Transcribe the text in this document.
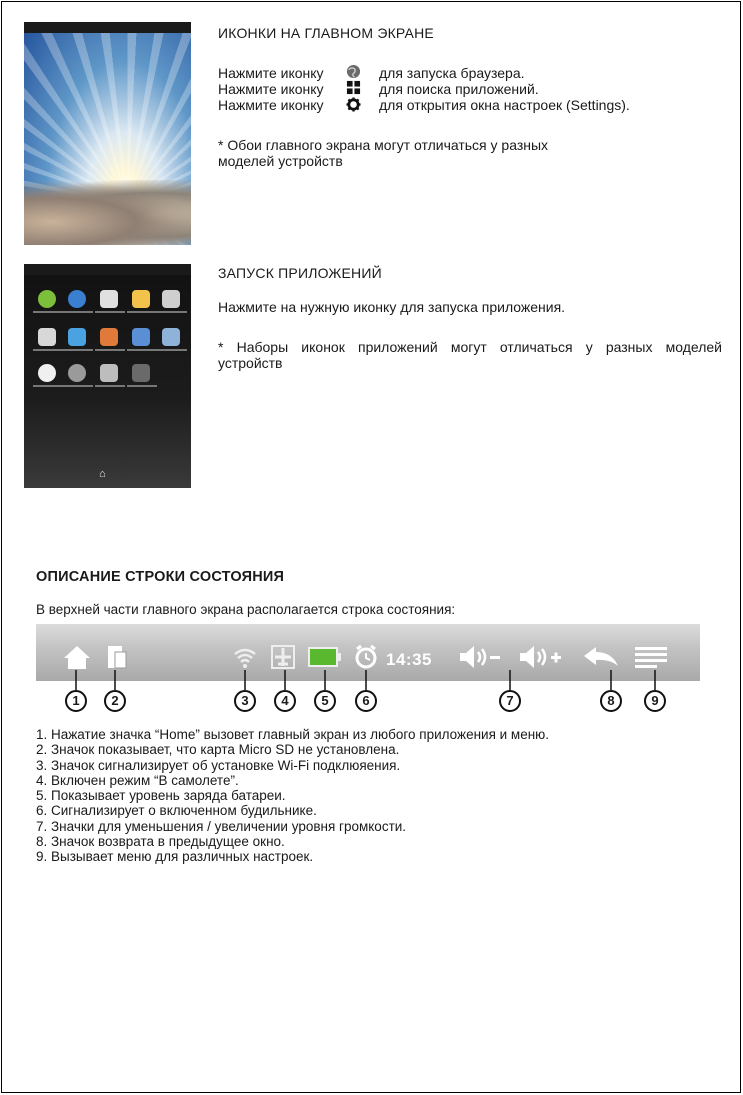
ИКОНКИ НА ГЛАВНОМ ЭКРАНЕ
Нажмите иконку	для запуска браузера.
Нажмите иконку	для поиска приложений.
Нажмите иконку	для открытия окна настроек (Settings).
* Обои главного экрана могут отличаться у разных
моделей устройств
⌂
ЗАПУСК ПРИЛОЖЕНИЙ
Нажмите на нужную иконку для запуска приложения.
* Наборы иконок приложений могут отличаться у разных моделей
устройств
ОПИСАНИЕ СТРОКИ СОСТОЯНИЯ
В верхней части главного экрана располагается строка состояния:
14:35
1	2	3	4	5	6	7	8	9
1. Нажатие значка “Home” вызовет главный экран из любого приложения и меню.
2. Значок показывает, что карта Micro SD не установлена.
3. Значок сигнализирует об установке Wi-Fi подклюяения.
4. Включен режим “В самолете”.
5. Показывает уровень заряда батареи.
6. Сигнализирует о включенном будильнике.
7. Значки для уменьшения / увеличении уровня громкости.
8. Значок возврата в предыдущее окно.
9. Вызывает меню для различных настроек.
